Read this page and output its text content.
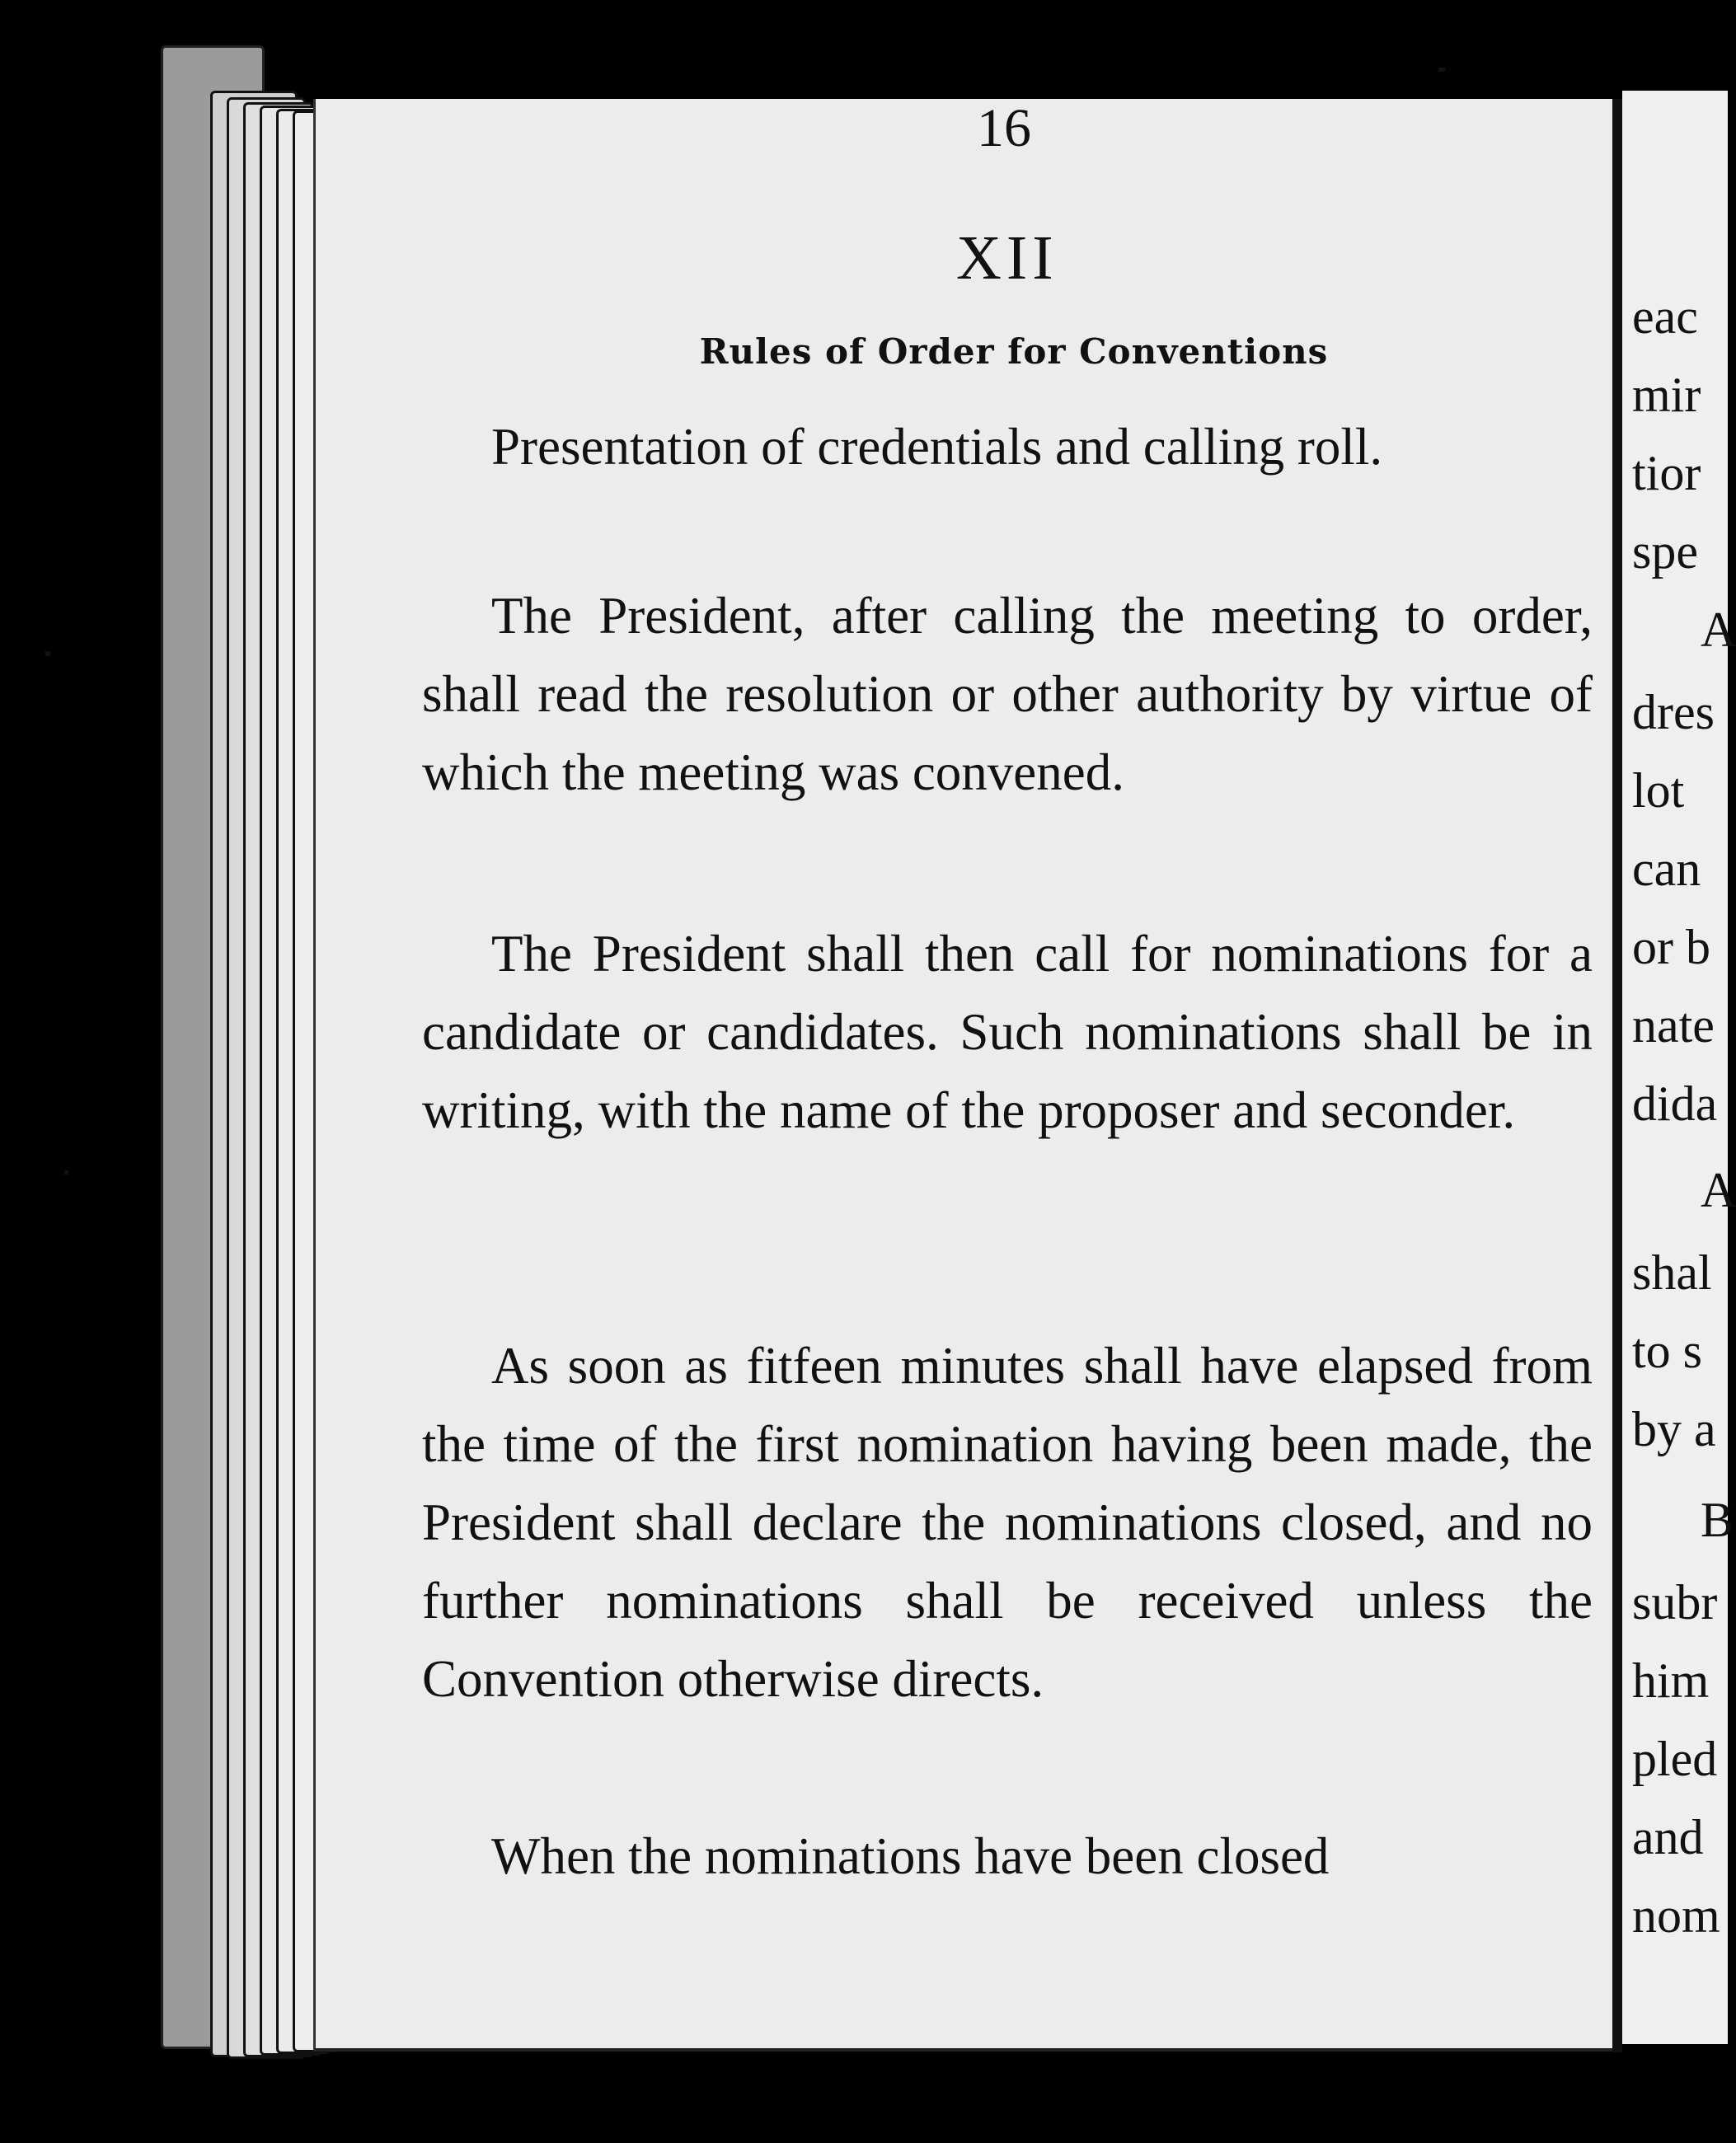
16
XII
Rules of Order for Conventions

Presentation of credentials and calling roll.

The President, after calling the meeting to order, shall read the resolution or other authority by virtue of which the meeting was convened.

The President shall then call for nominations for a candidate or candidates. Such nominations shall be in writing, with the name of the proposer and seconder.

As soon as fitfeen minutes shall have elapsed from the time of the first nomination having been made, the President shall declare the nominations closed, and no further nominations shall be received unless the Convention otherwise directs.

When the nominations have been closed

eac
mir
tior
spe
A
dres
lot
can
or b
nate
dida
A
shal
to s
by a
B
subr
him
pled
and
nom
